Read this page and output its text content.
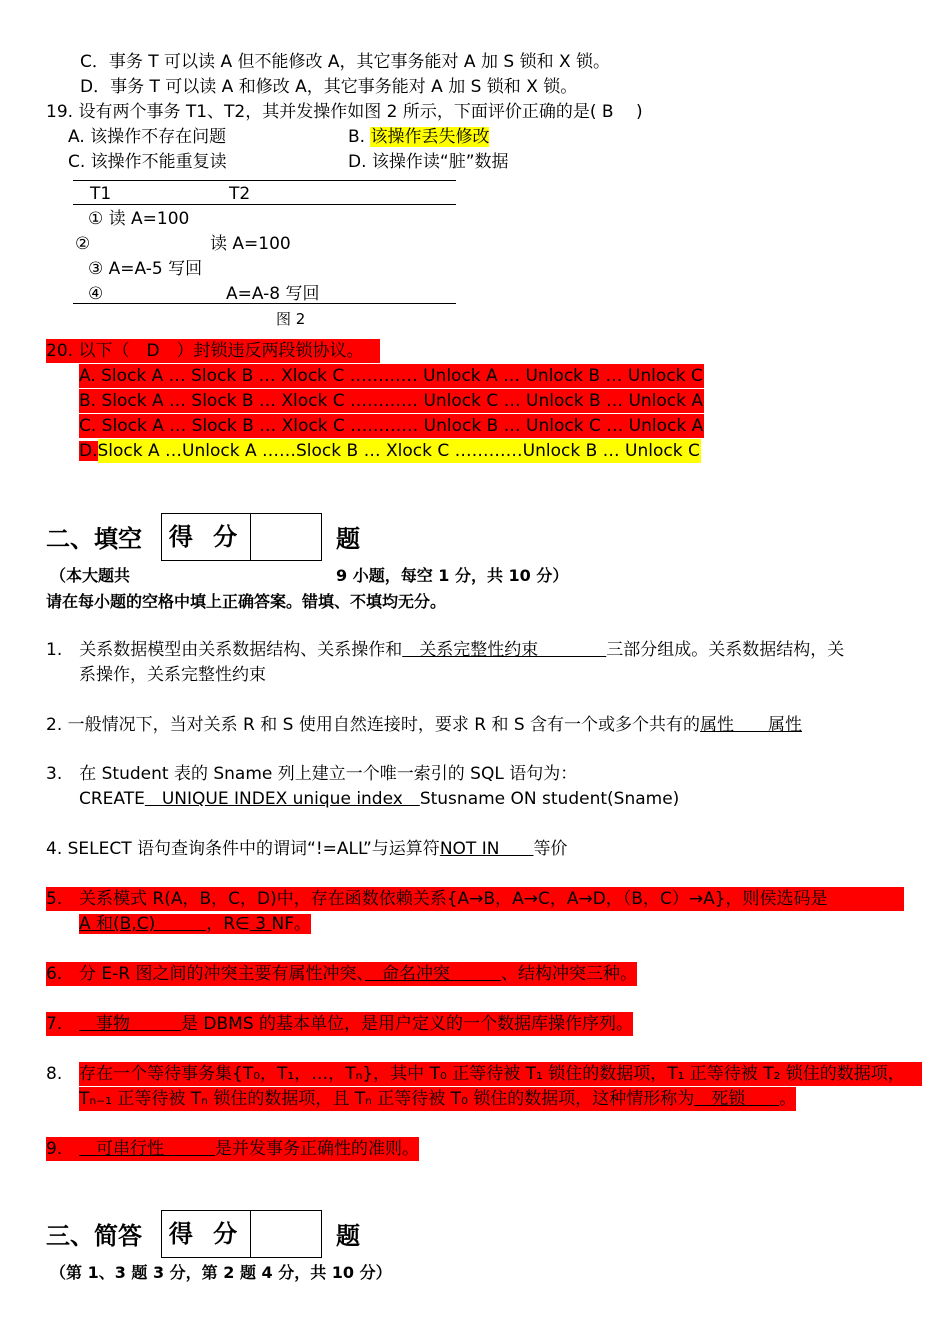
C．事务 T 可以读 A 但不能修改 A，其它事务能对 A 加 S 锁和 X 锁。
D．事务 T 可以读 A 和修改 A，其它事务能对 A 加 S 锁和 X 锁。
19. 设有两个事务 T1、T2，其并发操作如图 2 所示，下面评价正确的是( B　 )
A. 该操作不存在问题	B. 该操作丢失修改
C. 该操作不能重复读	D. 该操作读“脏”数据
T1	T2
① 读 A=100
②	读 A=100
③ A=A-5 写回
④	A=A-8 写回
图 2
20. 以下（　D　）封锁违反两段锁协议。
A. Slock A … Slock B … Xlock C ………… Unlock A … Unlock B … Unlock C
B. Slock A … Slock B … Xlock C ………… Unlock C … Unlock B … Unlock A
C. Slock A … Slock B … Xlock C ………… Unlock B … Unlock C … Unlock A
D.Slock A …Unlock A ……Slock B … Xlock C …………Unlock B … Unlock C
二、填空 得 分	题
（本大题共	9 小题，每空 1 分，共 10 分）
请在每小题的空格中填上正确答案。错填、不填均无分。
1.　关系数据模型由关系数据结构、关系操作和　关系完整性约束　　　　三部分组成。关系数据结构，关
系操作，关系完整性约束
2. 一般情况下，当对关系 R 和 S 使用自然连接时，要求 R 和 S 含有一个或多个共有的属性　　属性
3.　在 Student 表的 Sname 列上建立一个唯一索引的 SQL 语句为：
CREATE　UNIQUE INDEX unique index　Stusname ON student(Sname)
4. SELECT 语句查询条件中的谓词“!=ALL”与运算符NOT IN　　等价
5. 关系模式 R(A，B，C，D)中，存在函数依赖关系{A→B，A→C，A→D，（B，C）→A}，则侯选码是
A 和(B,C)　　　，R∈ 3 NF。
6. 分 E-R 图之间的冲突主要有属性冲突、　命名冲突　　　、结构冲突三种。
7.　事物　　　是 DBMS 的基本单位，是用户定义的一个数据库操作序列。
8. 存在一个等待事务集{T₀，T₁，…，Tₙ}，其中 T₀ 正等待被 T₁ 锁住的数据项，T₁ 正等待被 T₂ 锁住的数据项，
Tₙ₋₁ 正等待被 Tₙ 锁住的数据项，且 Tₙ 正等待被 T₀ 锁住的数据项，这种情形称为　死锁　　。
9.　可串行性　　　是并发事务正确性的准则。
三、简答 得 分	题
（第 1、3 题 3 分，第 2 题 4 分，共 10 分）
